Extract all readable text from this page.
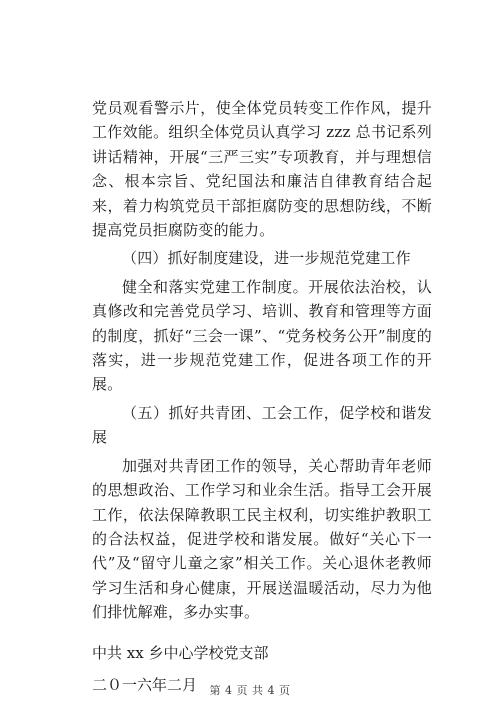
党员观看警示片，使全体党员转变工作作风，提升工作效能。组织全体党员认真学习 zzz 总书记系列讲话精神，开展“三严三实”专项教育，并与理想信念、根本宗旨、党纪国法和廉洁自律教育结合起来，着力构筑党员干部拒腐防变的思想防线，不断提高党员拒腐防变的能力。

（四）抓好制度建设，进一步规范党建工作

健全和落实党建工作制度。开展依法治校，认真修改和完善党员学习、培训、教育和管理等方面的制度，抓好“三会一课”、“党务校务公开”制度的落实，进一步规范党建工作，促进各项工作的开展。

（五）抓好共青团、工会工作，促学校和谐发展

加强对共青团工作的领导，关心帮助青年老师的思想政治、工作学习和业余生活。指导工会开展工作，依法保障教职工民主权利，切实维护教职工的合法权益，促进学校和谐发展。做好“关心下一代”及“留守儿童之家”相关工作。关心退休老教师学习生活和身心健康，开展送温暖活动，尽力为他们排忧解难，多办实事。

中共 xx 乡中心学校党支部

二０一六年二月	第 4 页 共 4 页
